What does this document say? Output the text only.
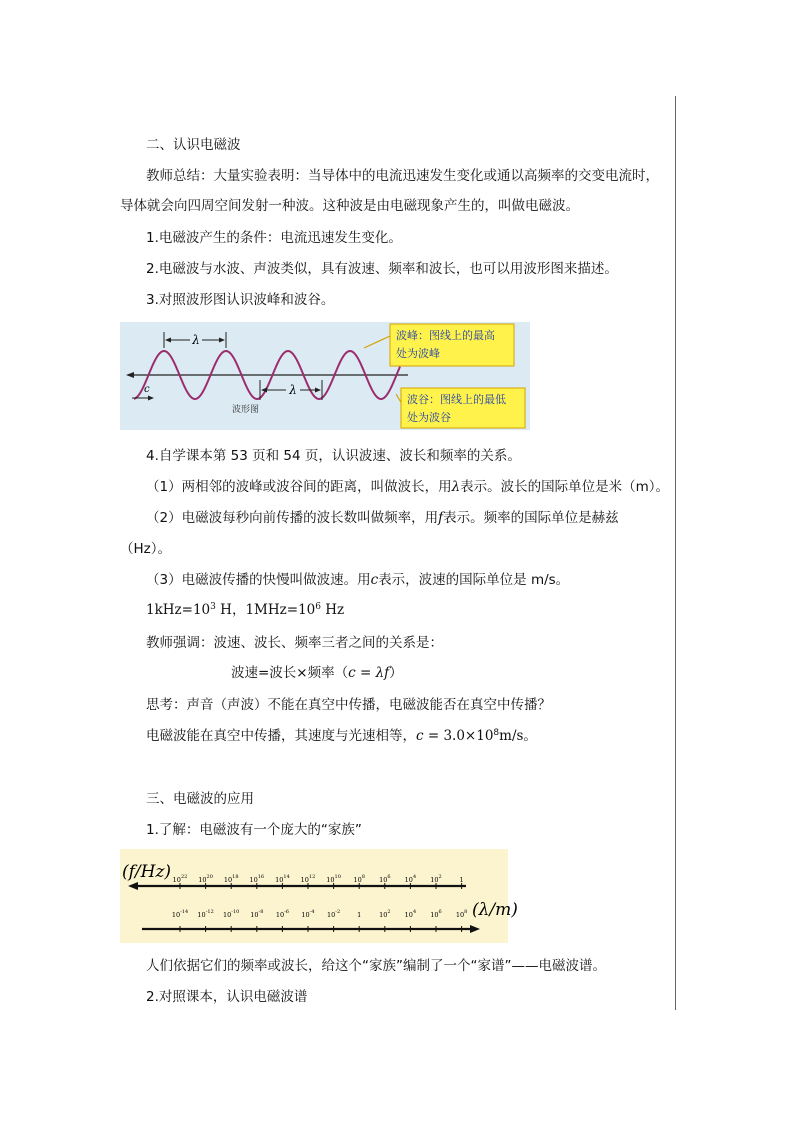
二、认识电磁波
教师总结：大量实验表明：当导体中的电流迅速发生变化或通以高频率的交变电流时，
导体就会向四周空间发射一种波。这种波是由电磁现象产生的，叫做电磁波。
1.电磁波产生的条件：电流迅速发生变化。
2.电磁波与水波、声波类似，具有波速、频率和波长，也可以用波形图来描述。
3.对照波形图认识波峰和波谷。
λ
λ
c
波形图
波峰：图线上的最高
处为波峰
波谷：图线上的最低
处为波谷
4.自学课本第 53 页和 54 页，认识波速、波长和频率的关系。
（1）两相邻的波峰或波谷间的距离，叫做波长，用λ表示。波长的国际单位是米（m）。
（2）电磁波每秒向前传播的波长数叫做频率，用f表示。频率的国际单位是赫兹
（Hz）。
（3）电磁波传播的快慢叫做波速。用c表示，波速的国际单位是 m/s。
$1kHz=10^3$ H，$1MHz=10^6$ Hz
教师强调：波速、波长、频率三者之间的关系是：
波速=波长×频率（c = λf）
思考：声音（声波）不能在真空中传播，电磁波能否在真空中传播？
电磁波能在真空中传播，其速度与光速相等，$c = 3.0\times 10^8m/s$。
三、电磁波的应用
1.了解：电磁波有一个庞大的“家族”
(f/Hz)
(λ/m)
$10^{22}$ $10^{20}$ $10^{18}$ $10^{16}$ $10^{14}$ $10^{12}$ $10^{10}$ $10^8$ $10^6$ $10^4$ $10^2$	1
$10^{-14}$ $10^{-12}$ $10^{-10}$ $10^{-8}$ $10^{-6}$ $10^{-4}$ $10^{-2}$	1	$10^2$ $10^4$ $10^6$ $10^8$
人们依据它们的频率或波长，给这个“家族”编制了一个“家谱”——电磁波谱。
2.对照课本，认识电磁波谱
